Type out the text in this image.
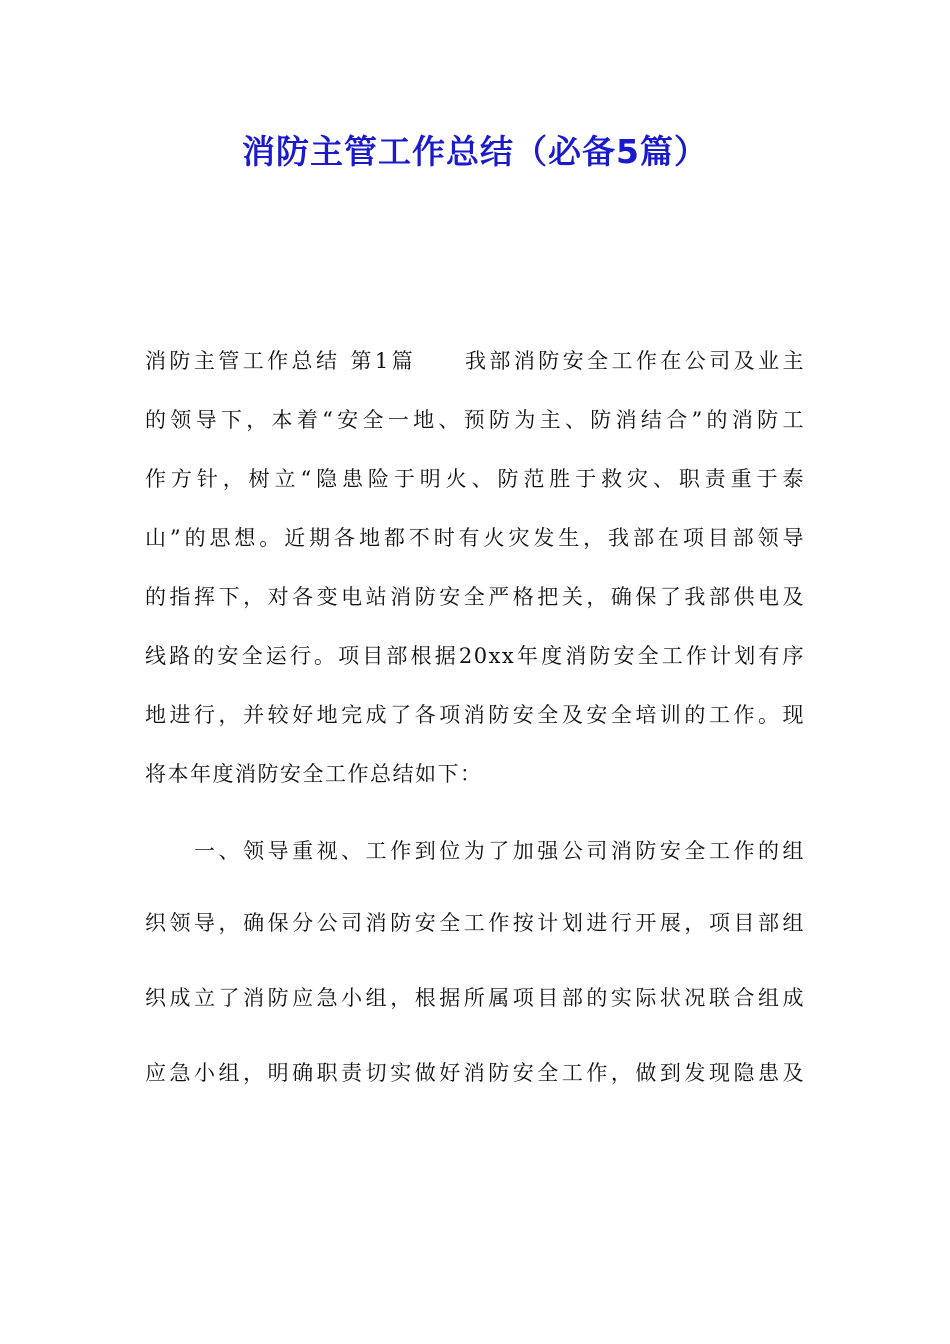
消防主管工作总结（必备5篇）
消防主管工作总结 第1篇　　我部消防安全工作在公司及业主
的领导下，本着“安全一地、预防为主、防消结合”的消防工
作方针，树立“隐患险于明火、防范胜于救灾、职责重于泰
山”的思想。近期各地都不时有火灾发生，我部在项目部领导
的指挥下，对各变电站消防安全严格把关，确保了我部供电及
线路的安全运行。项目部根据20xx年度消防安全工作计划有序
地进行，并较好地完成了各项消防安全及安全培训的工作。现
将本年度消防安全工作总结如下：
　　一、领导重视、工作到位为了加强公司消防安全工作的组
织领导，确保分公司消防安全工作按计划进行开展，项目部组
织成立了消防应急小组，根据所属项目部的实际状况联合组成
应急小组，明确职责切实做好消防安全工作，做到发现隐患及
